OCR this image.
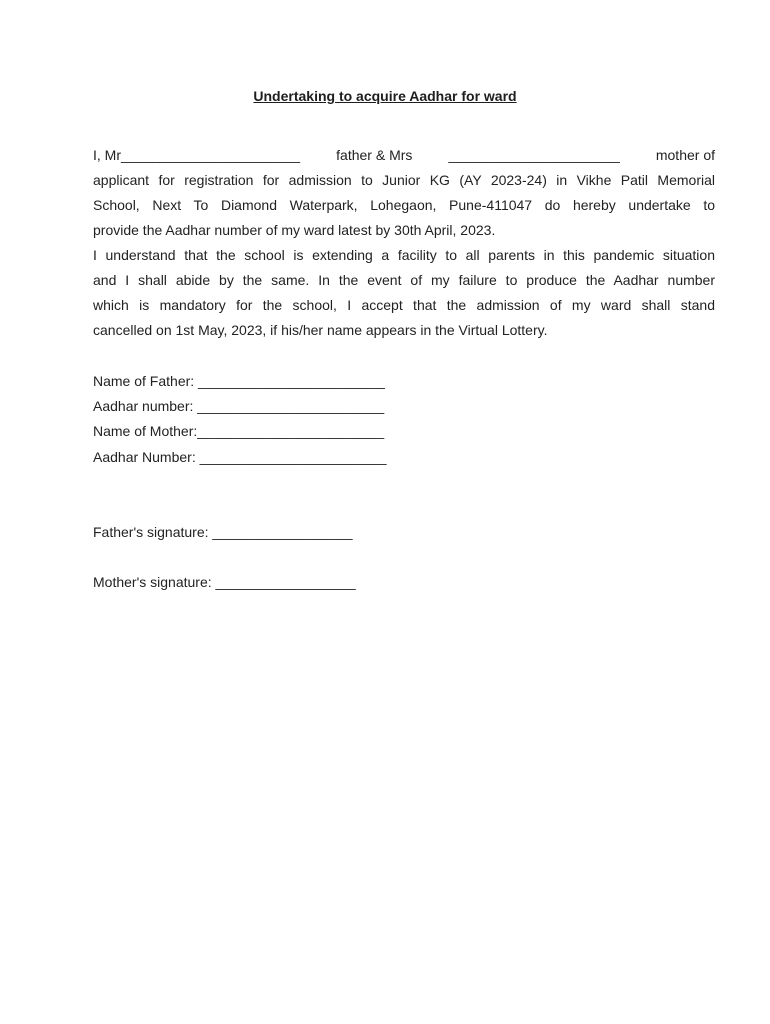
Undertaking to acquire Aadhar for ward
I, Mr_______________________	father & Mrs	______________________	mother of
applicant for registration for admission to Junior KG (AY 2023-24) in Vikhe Patil Memorial
School, Next To Diamond Waterpark, Lohegaon, Pune-411047 do hereby undertake to
provide the Aadhar number of my ward latest by 30th April, 2023.
I understand that the school is extending a facility to all parents in this pandemic situation
and I shall abide by the same. In the event of my failure to produce the Aadhar number
which is mandatory for the school, I accept that the admission of my ward shall stand
cancelled on 1st May, 2023, if his/her name appears in the Virtual Lottery.
Name of Father: ________________________
Aadhar number: ________________________
Name of Mother:________________________
Aadhar Number: ________________________
Father's signature: __________________
Mother's signature: __________________
